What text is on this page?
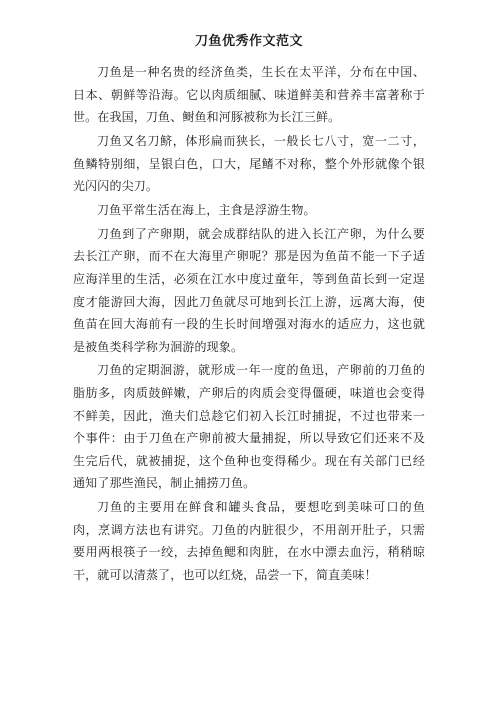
刀鱼优秀作文范文

刀鱼是一种名贵的经济鱼类，生长在太平洋，分布在中国、日本、朝鲜等沿海。它以肉质细腻、味道鲜美和营养丰富著称于世。在我国，刀鱼、鲥鱼和河豚被称为长江三鲜。

刀鱼又名刀鲚，体形扁而狭长，一般长七八寸，宽一二寸，鱼鳞特别细，呈银白色，口大，尾鳍不对称，整个外形就像个银光闪闪的尖刀。

刀鱼平常生活在海上，主食是浮游生物。

刀鱼到了产卵期，就会成群结队的进入长江产卵，为什么要去长江产卵，而不在大海里产卵呢？那是因为鱼苗不能一下子适应海洋里的生活，必须在江水中度过童年，等到鱼苗长到一定逞度才能游回大海，因此刀鱼就尽可地到长江上游，远离大海，使鱼苗在回大海前有一段的生长时间增强对海水的适应力，这也就是被鱼类科学称为洄游的现象。

刀鱼的定期洄游，就形成一年一度的鱼迅，产卵前的刀鱼的脂肪多，肉质鼓鲜嫩，产卵后的肉质会变得僵硬，味道也会变得不鲜美，因此，渔夫们总趁它们初入长江时捕捉，不过也带来一个事件：由于刀鱼在产卵前被大量捕捉，所以导致它们还来不及生完后代，就被捕捉，这个鱼种也变得稀少。现在有关部门已经通知了那些渔民，制止捕捞刀鱼。

刀鱼的主要用在鲜食和罐头食品，要想吃到美味可口的鱼肉，烹调方法也有讲究。刀鱼的内脏很少，不用剖开肚子，只需要用两根筷子一绞，去掉鱼鳃和肉脏，在水中漂去血污，稍稍晾干，就可以清蒸了，也可以红烧，品尝一下，简直美味！
